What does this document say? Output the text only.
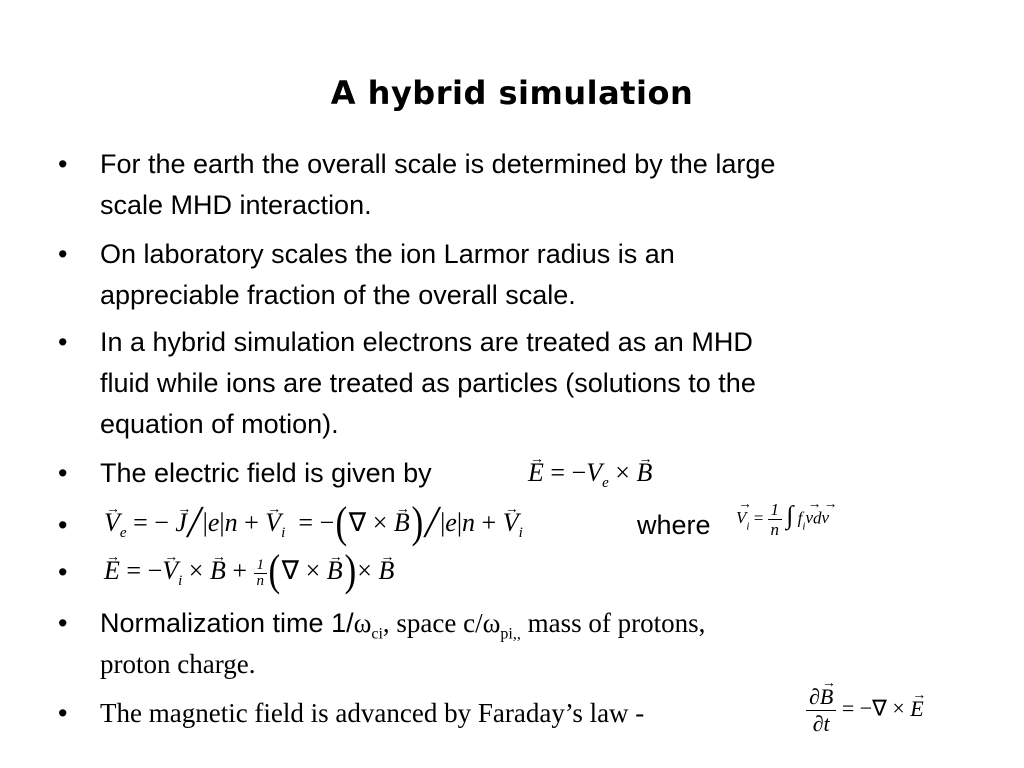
A hybrid simulation
• For the earth the overall scale is determined by the large
scale MHD interaction.
• On laboratory scales the ion Larmor radius is an
appreciable fraction of the overall scale.
• In a hybrid simulation electrons are treated as an MHD
fluid while ions are treated as particles (solutions to the
equation of motion).
• The electric field is given by	→ $E = -V_e$ × → B
• → $V_e$ = − → J╱|e|n + → $V_i$  = −(∇ × → B)╱|e|n + → $V_i$	where → $V_i = \frac{1}{n}$ ∫ $f_i\to vd\to v$
• → E = −→ $V_i$ × → $B + \frac{1}{n}$ (∇ × → B)× → B
• Normalization time $1/\omega_{ci}$, space $c/\omega_{pi,,}$ mass of protons,
proton charge.
• The magnetic field is advanced by Faraday’s law -	$\frac{\partial\to B}{\partial t}$ = −∇ × → E
